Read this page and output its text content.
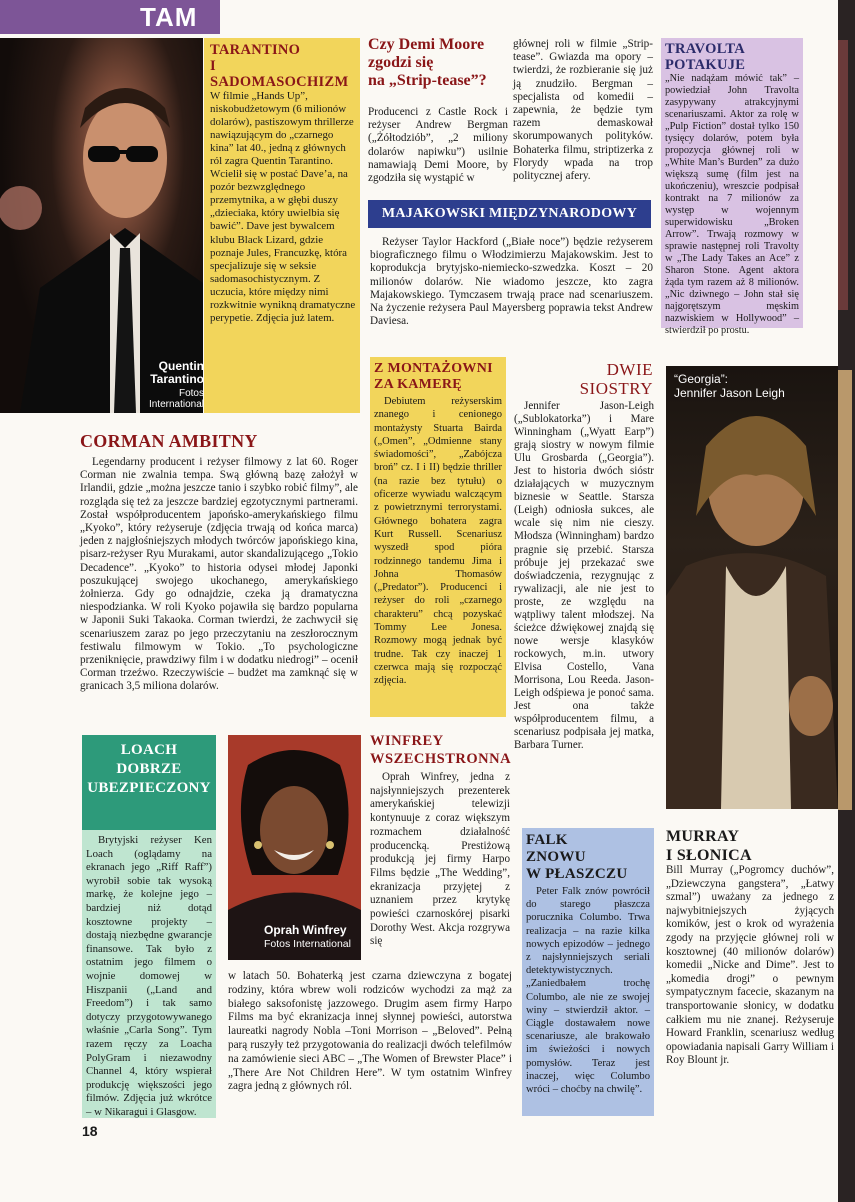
TAM
Quentin
Tarantino
Fotos
International
TARANTINO
I SADOMASOCHIZM

W filmie „Hands Up”, niskobudżetowym (6 milionów dolarów), pastiszowym thrillerze nawiązującym do „czarnego kina” lat 40., jedną z głównych ról zagra Quentin Tarantino. Wcielił się w postać Dave’a, na pozór bezwzględnego przemytnika, a w głębi duszy „dzieciaka, który uwielbia się bawić”. Dave jest bywalcem klubu Black Lizard, gdzie poznaje Jules, Francuzkę, która specjalizuje się w seksie sadomasochistycznym. Z uczucia, które między nimi rozkwitnie wynikną dramatyczne perypetie. Zdjęcia już latem.

Czy Demi Moore
zgodzi się
na „Strip-tease”?

Producenci z Castle Rock i reżyser Andrew Bergman („Żółtodziób”, „2 miliony dolarów napiwku”) usilnie namawiają Demi Moore, by zgodziła się wystąpić w

głównej roli w filmie „Strip-tease”. Gwiazda ma opory – twierdzi, że rozbieranie się już ją znudziło. Bergman – specjalista od komedii – zapewnia, że będzie tym razem demaskował skorumpowanych polityków. Bohaterka filmu, striptizerka z Florydy wpada na trop politycznej afery.

TRAVOLTA
POTAKUJE

„Nie nadążam mówić tak” – powiedział John Travolta zasypywany atrakcyjnymi scenariuszami. Aktor za rolę w „Pulp Fiction” dostał tylko 150 tysięcy dolarów, potem była propozycja głównej roli w „White Man’s Burden” za dużo większą sumę (film jest na ukończeniu), wreszcie podpisał kontrakt na 7 milionów za występ w wojennym superwidowisku „Broken Arrow”. Trwają rozmowy w sprawie następnej roli Travolty w „The Lady Takes an Ace” z Sharon Stone. Agent aktora żąda tym razem aż 8 milionów. „Nic dziwnego – John stał się najgorętszym męskim nazwiskiem w Hollywood” – stwierdził po prostu.

MAJAKOWSKI MIĘDZYNARODOWY

Reżyser Taylor Hackford („Białe noce”) będzie reżyserem biograficznego filmu o Włodzimierzu Majakowskim. Jest to koprodukcja brytyjsko-niemiecko-szwedzka. Koszt – 20 milionów dolarów. Nie wiadomo jeszcze, kto zagra Majakowskiego. Tymczasem trwają prace nad scenariuszem. Na życzenie reżysera Paul Mayersberg poprawia tekst Andrew Daviesa.

CORMAN AMBITNY

Legendarny producent i reżyser filmowy z lat 60. Roger Corman nie zwalnia tempa. Swą główną bazę założył w Irlandii, gdzie „można jeszcze tanio i szybko robić filmy”, ale rozgląda się też za jeszcze bardziej egzotycznymi partnerami. Został współproducentem japońsko-amerykańskiego filmu „Kyoko”, który reżyseruje (zdjęcia trwają od końca marca) jeden z najgłośniejszych młodych twórców japońskiego kina, pisarz-reżyser Ryu Murakami, autor skandalizującego „Tokio Decadence”. „Kyoko” to historia odysei młodej Japonki poszukującej swojego ukochanego, amerykańskiego żołnierza. Gdy go odnajdzie, czeka ją dramatyczna niespodzianka. W roli Kyoko pojawiła się bardzo popularna w Japonii Suki Takaoka. Corman twierdzi, że zachwycił się scenariuszem zaraz po jego przeczytaniu na zeszłorocznym festiwalu filmowym w Tokio. „To psychologiczne przeniknięcie, prawdziwy film i w dodatku niedrogi” – ocenił Corman trzeźwo. Rzeczywiście – budżet ma zamknąć się w granicach 3,5 miliona dolarów.

Z MONTAŻOWNI
ZA KAMERĘ

Debiutem reżyserskim znanego i cenionego montażysty Stuarta Bairda („Omen”, „Odmienne stany świadomości”, „Zabójcza broń” cz. I i II) będzie thriller (na razie bez tytułu) o oficerze wywiadu walczącym z powietrznymi terrorystami. Głównego bohatera zagra Kurt Russell. Scenariusz wyszedł spod pióra rodzinnego tandemu Jima i Johna Thomasów („Predator”). Producenci i reżyser do roli „czarnego charakteru” chcą pozyskać Tommy Lee Jonesa. Rozmowy mogą jednak być trudne. Tak czy inaczej 1 czerwca mają się rozpocząć zdjęcia.

DWIE
SIOSTRY

Jennifer Jason-Leigh („Sublokatorka”) i Mare Winningham („Wyatt Earp”) grają siostry w nowym filmie Ulu Grosbarda („Georgia”). Jest to historia dwóch sióstr działających w muzycznym biznesie w Seattle. Starsza (Leigh) odniosła sukces, ale wcale się nim nie cieszy. Młodsza (Winningham) bardzo pragnie się przebić. Starsza próbuje jej przekazać swe doświadczenia, rezygnując z rywalizacji, ale nie jest to proste, ze względu na wątpliwy talent młodszej. Na ścieżce dźwiękowej znajdą się nowe wersje klasyków rockowych, m.in. utwory Elvisa Costello, Vana Morrisona, Lou Reeda. Jason-Leigh odśpiewa je ponoć sama. Jest ona także współproducentem filmu, a scenariusz podpisała jej matka, Barbara Turner.

“Georgia”:
Jennifer Jason Leigh
LOACH
DOBRZE
UBEZPIECZONY

Brytyjski reżyser Ken Loach (oglądamy na ekranach jego „Riff Raff”) wyrobił sobie tak wysoką markę, że kolejne jego – bardziej niż dotąd kosztowne projekty – dostają niezbędne gwarancje finansowe. Tak było z ostatnim jego filmem o wojnie domowej w Hiszpanii („Land and Freedom”) i tak samo dotyczy przygotowywanego właśnie „Carla Song”. Tym razem ręczy za Loacha PolyGram i niezawodny Channel 4, który wspierał produkcję większości jego filmów. Zdjęcia już wkrótce – w Nikaragui i Glasgow.

Oprah Winfrey
Fotos International
WINFREY
WSZECHSTRONNA

Oprah Winfrey, jedna z najsłynniejszych prezenterek amerykańskiej telewizji kontynuuje z coraz większym rozmachem działalność producencką. Prestiżową produkcją jej firmy Harpo Films będzie „The Wedding”, ekranizacja przyjętej z uznaniem przez krytykę powieści czarnoskórej pisarki Dorothy West. Akcja rozgrywa się

w latach 50. Bohaterką jest czarna dziewczyna z bogatej rodziny, która wbrew woli rodziców wychodzi za mąż za białego saksofonistę jazzowego. Drugim asem firmy Harpo Films ma być ekranizacja innej słynnej powieści, autorstwa laureatki nagrody Nobla –Toni Morrison – „Beloved”. Pełną parą ruszyły też przygotowania do realizacji dwóch telefilmów na zamówienie sieci ABC – „The Women of Brewster Place” i „There Are Not Children Here”. W tym ostatnim Winfrey zagra jedną z głównych ról.

FALK
ZNOWU
W PŁASZCZU

Peter Falk znów powrócił do starego płaszcza porucznika Columbo. Trwa realizacja – na razie kilka nowych epizodów – jednego z najsłynniejszych seriali detektywistycznych. „Zaniedbałem trochę Columbo, ale nie ze swojej winy – stwierdził aktor. – Ciągle dostawałem nowe scenariusze, ale brakowało im świeżości i nowych pomysłów. Teraz jest inaczej, więc Columbo wróci – choćby na chwilę”.

MURRAY
I SŁONICA

Bill Murray („Pogromcy duchów”, „Dziewczyna gangstera”, „Łatwy szmal”) uważany za jednego z najwybitniejszych żyjących komików, jest o krok od wyrażenia zgody na przyjęcie głównej roli w kosztownej (40 milionów dolarów) komedii „Nicke and Dime”. Jest to „komedia drogi” o pewnym sympatycznym facecie, skazanym na transportowanie słonicy, w dodatku całkiem mu nie znanej. Reżyseruje Howard Franklin, scenariusz według opowiadania napisali Garry William i Roy Blount jr.

18
